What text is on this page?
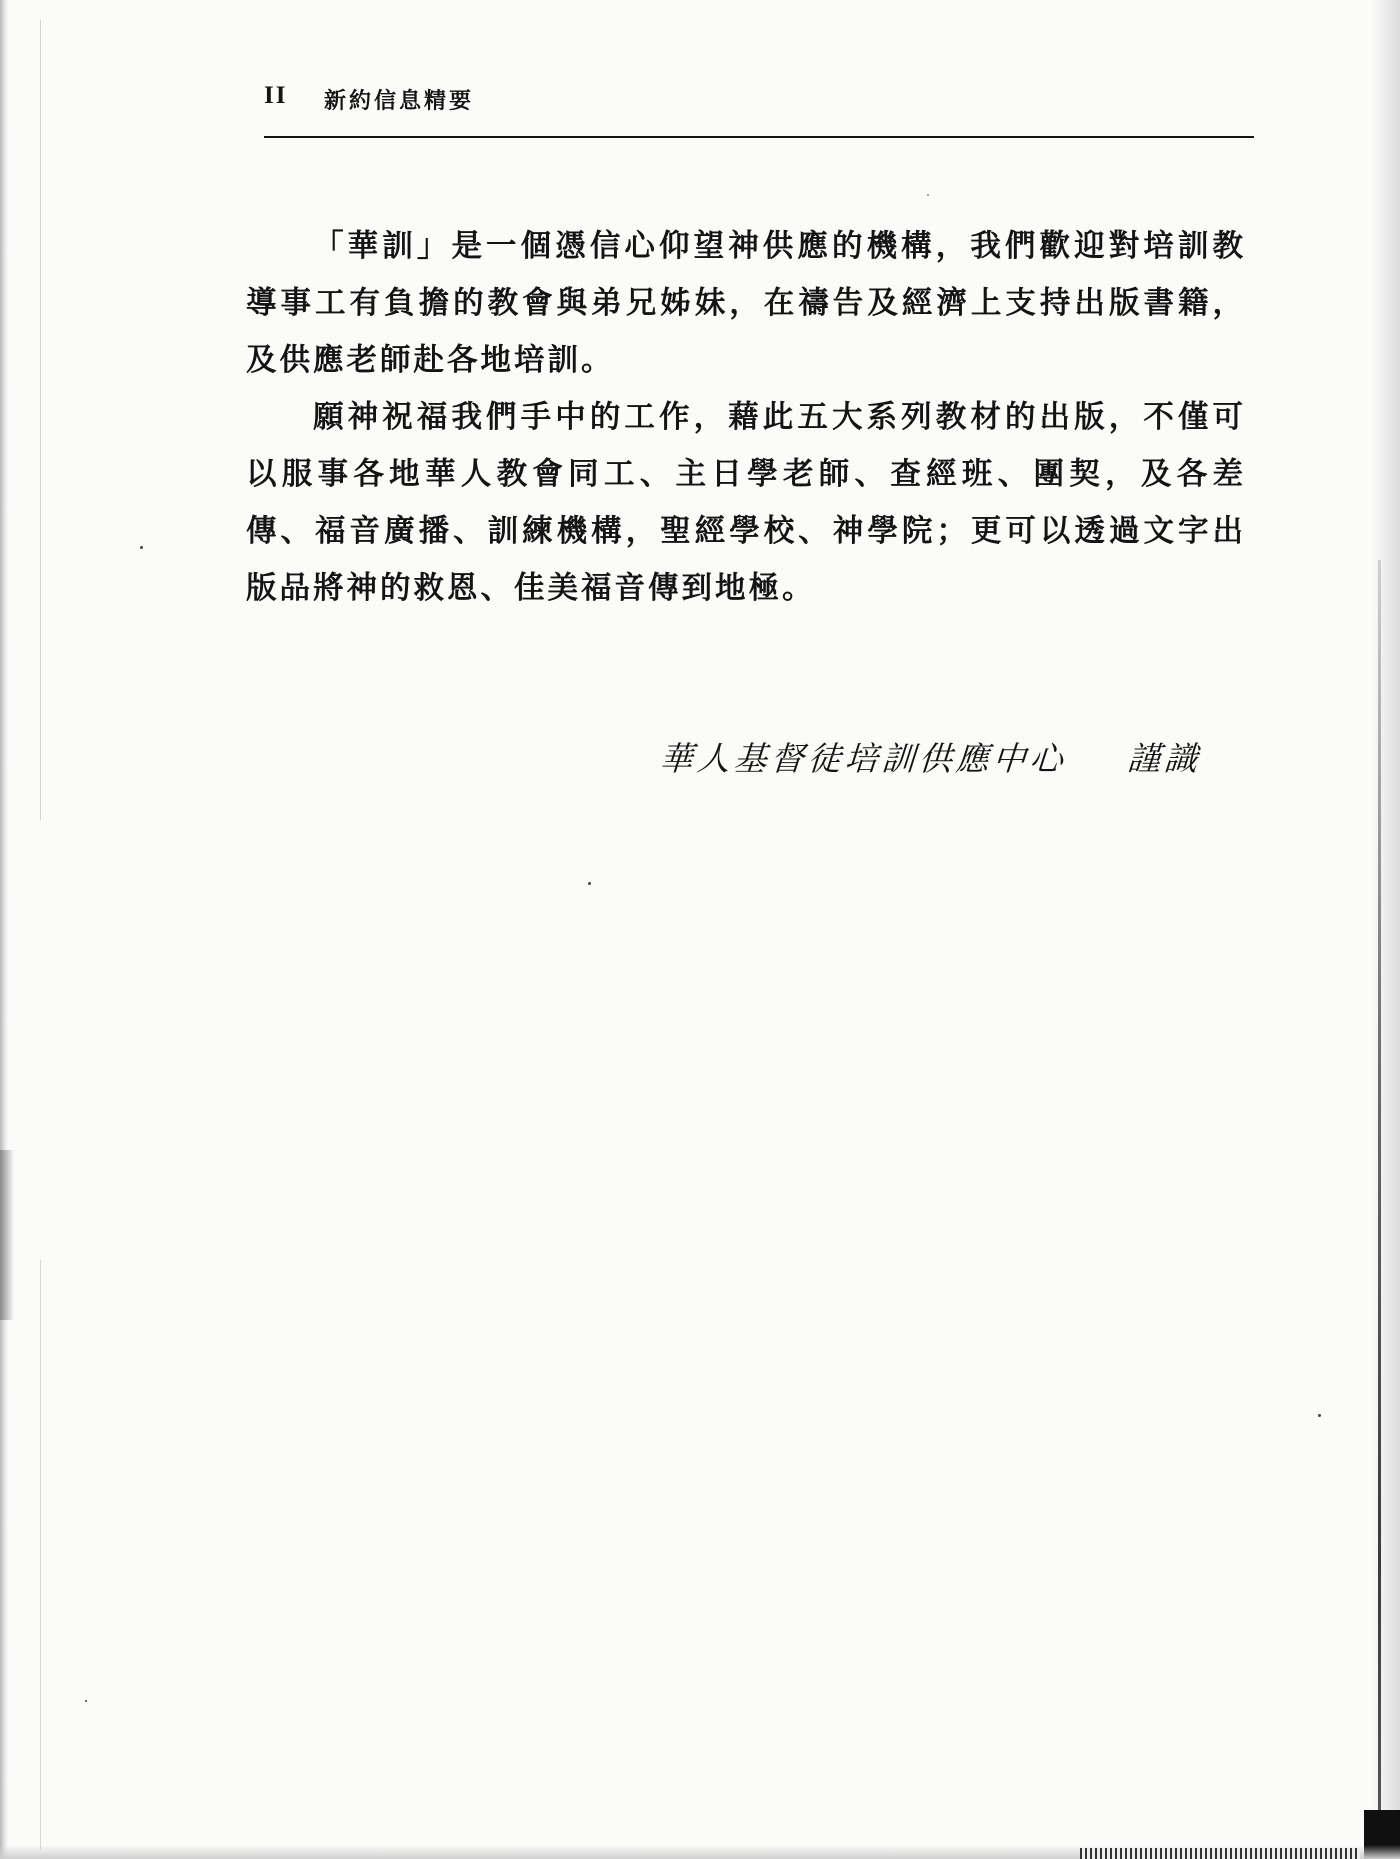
II 新約信息精要

「華訓」是一個憑信心仰望神供應的機構，我們歡迎對培訓教導事工有負擔的教會與弟兄姊妹，在禱告及經濟上支持出版書籍，及供應老師赴各地培訓。

願神祝福我們手中的工作，藉此五大系列教材的出版，不僅可以服事各地華人教會同工、主日學老師、查經班、團契，及各差傳、福音廣播、訓練機構，聖經學校、神學院；更可以透過文字出版品將神的救恩、佳美福音傳到地極。

華人基督徒培訓供應中心 謹識
